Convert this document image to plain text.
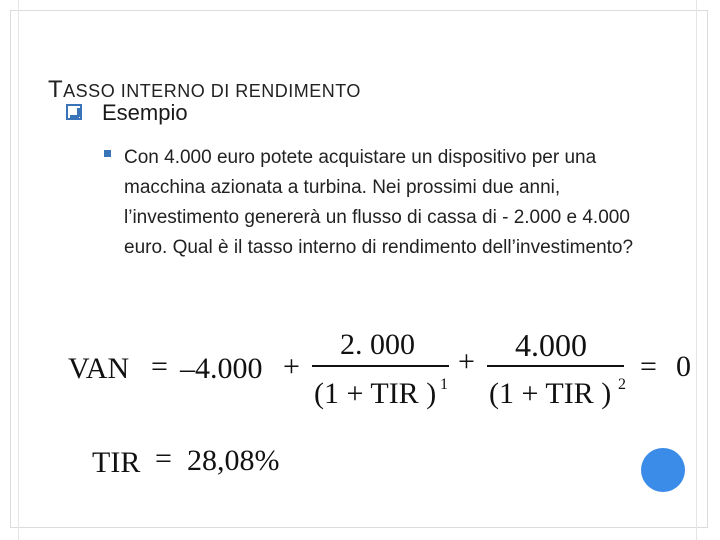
TASSO INTERNO DI RENDIMENTO
Esempio
Con 4.000 euro potete acquistare un dispositivo per una macchina azionata a turbina. Nei prossimi due anni, l’investimento genererà un flusso di cassa di - 2.000 e 4.000 euro. Qual è il tasso interno di rendimento dell’investimento?
VAN = –4.000 +
2. 000
(1 + TIR ) 1
+ 4.000
(1 + TIR ) 2
= 0
TIR = 28,08%
